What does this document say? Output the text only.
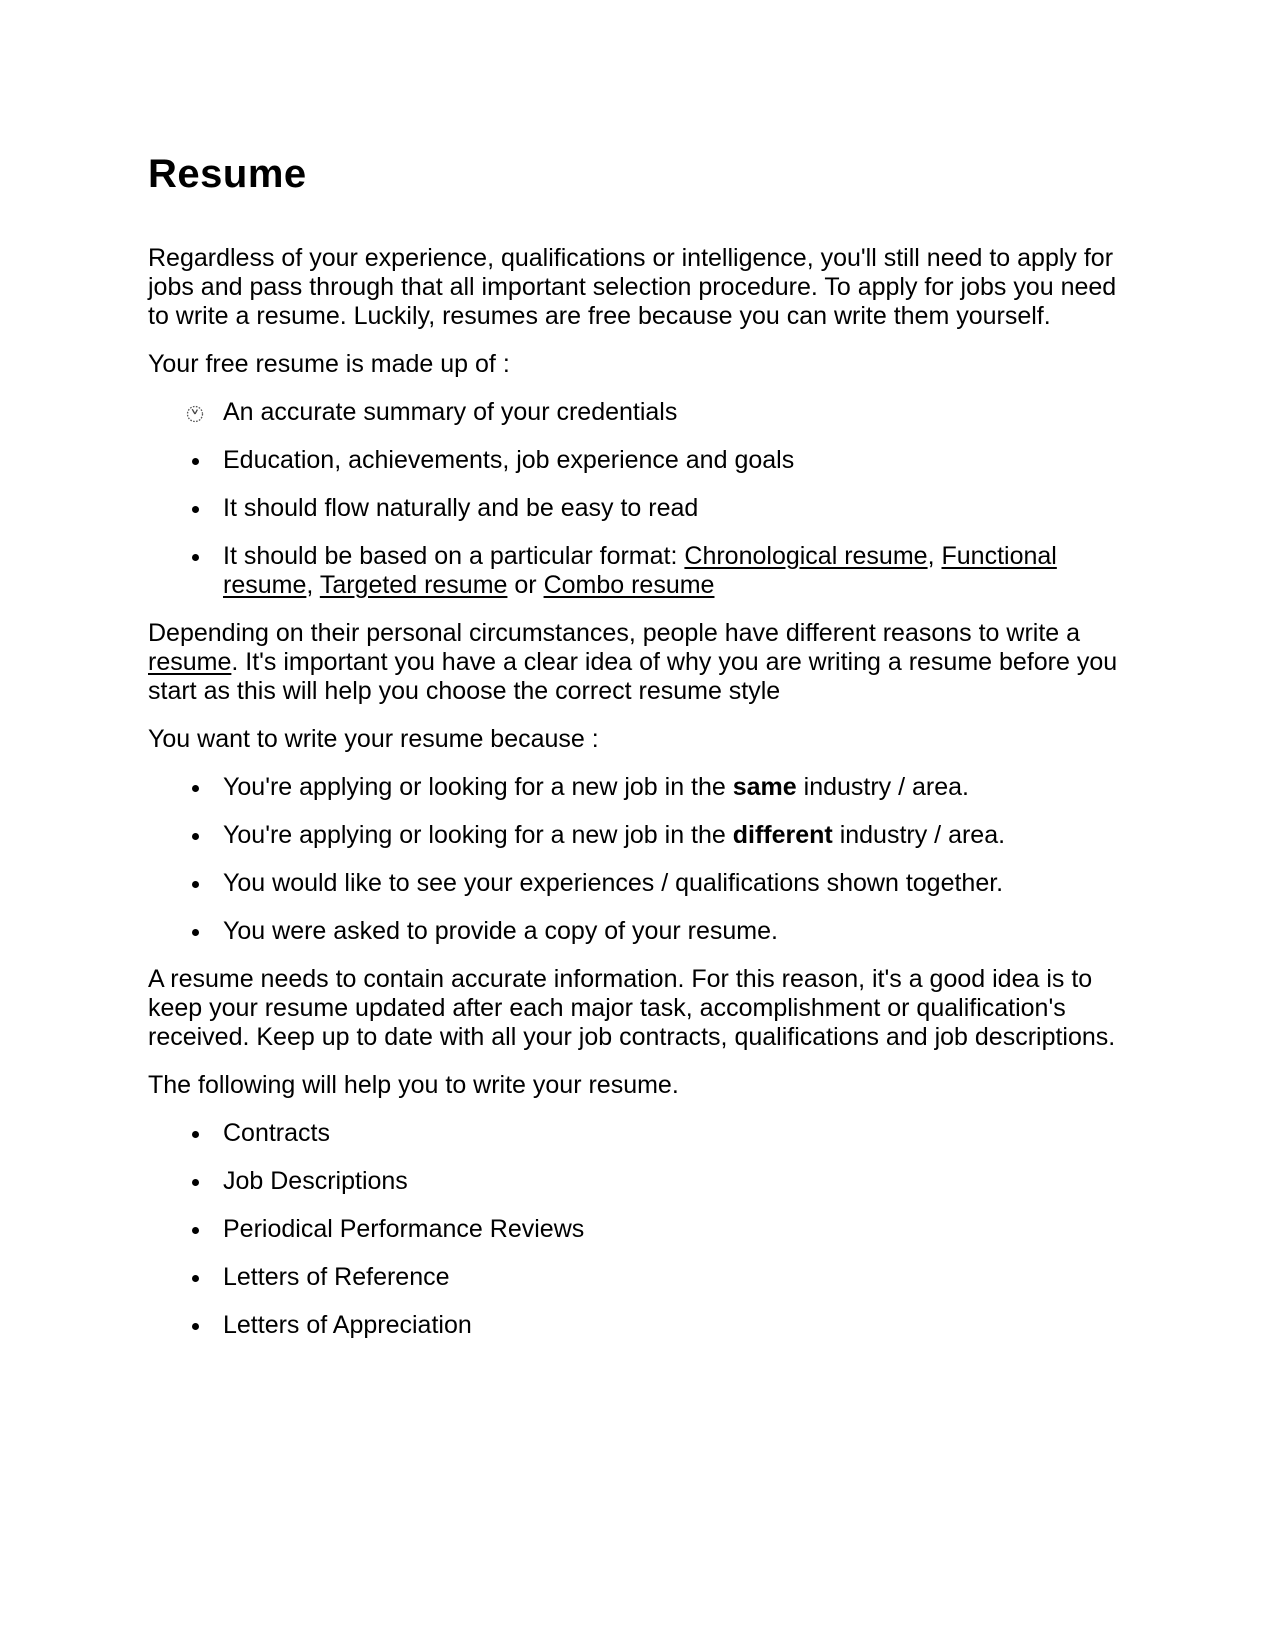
Resume

Regardless of your experience, qualifications or intelligence, you'll still need to apply for jobs and pass through that all important selection procedure. To apply for jobs you need to write a resume. Luckily, resumes are free because you can write them yourself.

Your free resume is made up of :

An accurate summary of your credentials
Education, achievements, job experience and goals
It should flow naturally and be easy to read
It should be based on a particular format: Chronological resume, Functional resume, Targeted resume or Combo resume

Depending on their personal circumstances, people have different reasons to write a resume. It's important you have a clear idea of why you are writing a resume before you start as this will help you choose the correct resume style

You want to write your resume because :

You're applying or looking for a new job in the same industry / area.
You're applying or looking for a new job in the different industry / area.
You would like to see your experiences / qualifications shown together.
You were asked to provide a copy of your resume.

A resume needs to contain accurate information. For this reason, it's a good idea is to keep your resume updated after each major task, accomplishment or qualification's received. Keep up to date with all your job contracts, qualifications and job descriptions.

The following will help you to write your resume.

Contracts
Job Descriptions
Periodical Performance Reviews
Letters of Reference
Letters of Appreciation
